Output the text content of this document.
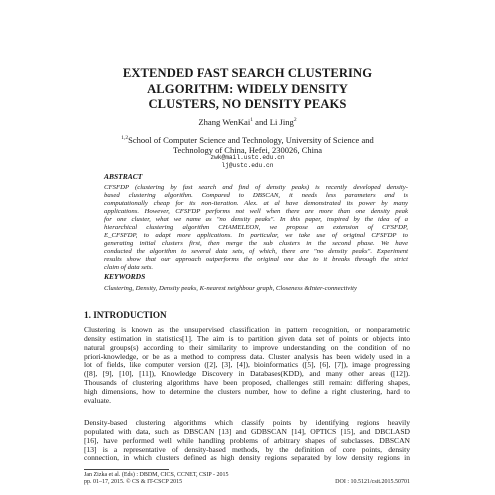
EXTENDED FAST SEARCH CLUSTERING
ALGORITHM: WIDELY DENSITY
CLUSTERS, NO DENSITY PEAKS
Zhang WenKai$^1$ and Li Jing$^2$
$^{1,2}$School of Computer Science and Technology, University of Science and
Technology of China, Hefei, 230026, China
zwk@mail.ustc.edu.cn
lj@ustc.edu.cn
ABSTRACT
CFSFDP (clustering by fast search and find of density peaks) is recently developed density-
based clustering algorithm. Compared to DBSCAN, it needs less parameters and is
computationally cheap for its non-iteration. Alex. at al have demonstrated its power by many
applications. However, CFSFDP performs not well when there are more than one density peak
for one cluster, what we name as "no density peaks". In this paper, inspired by the idea of a
hierarchical clustering algorithm CHAMELEON, we propose an extension of CFSFDP,
E_CFSFDP, to adapt more applications. In particular, we take use of original CFSFDP to
generating initial clusters first, then merge the sub clusters in the second phase. We have
conducted the algorithm to several data sets, of which, there are "no density peaks". Experiment
results show that our approach outperforms the original one due to it breaks through the strict
claim of data sets.
KEYWORDS
Clustering, Density, Density peaks, K-nearest neighbour graph, Closeness &Inter-connectivity
1. INTRODUCTION
Clustering is known as the unsupervised classification in pattern recognition, or nonparametric
density estimation in statistics[1]. The aim is to partition given data set of points or objects into
natural groups(s) according to their similarity to improve understanding on the condition of no
priori-knowledge, or be as a method to compress data. Cluster analysis has been widely used in a
lot of fields, like computer version ([2], [3], [4]), bioinformatics ([5], [6], [7]), image progressing
([8], [9], [10], [11]), Knowledge Discovery in Databases(KDD), and many other areas ([12]).
Thousands of clustering algorithms have been proposed, challenges still remain: differing shapes,
high dimensions, how to determine the clusters number, how to define a right clustering, hard to
evaluate.
Density-based clustering algorithms which classify points by identifying regions heavily
populated with data, such as DBSCAN [13] and GDBSCAN [14], OPTICS [15], and DBCLASD
[16], have performed well while handling problems of arbitrary shapes of subclasses. DBSCAN
[13] is a representative of density-based methods, by the definition of core points, density
connection, in which clusters defined as high density regions separated by low density regions in
Jan Zizka et al. (Eds) : DBDM, CICS, CCNET, CSIP - 2015
pp. 01–17, 2015. © CS & IT-CSCP 2015	DOI : 10.5121/csit.2015.50701
